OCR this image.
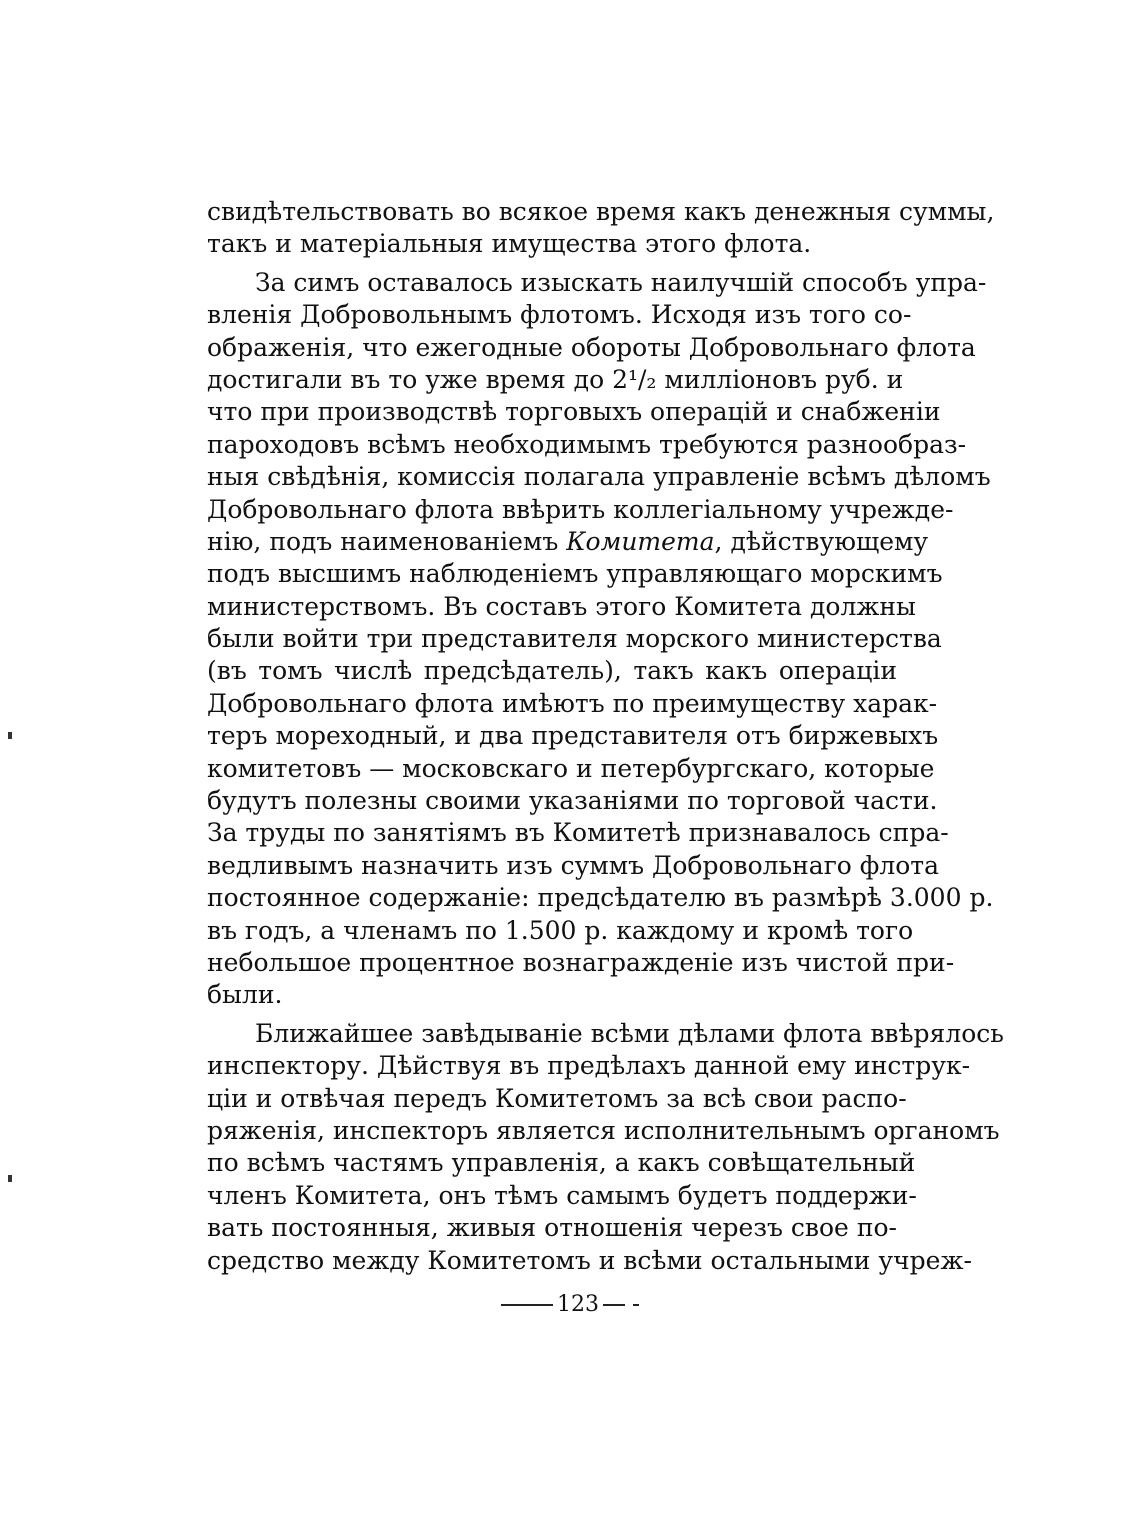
свидѣтельствовать во всякое время какъ денежныя суммы,
такъ и матеріальныя имущества этого флота.
За симъ оставалось изыскать наилучшій способъ упра-
вленія Добровольнымъ флотомъ. Исходя изъ того со-
ображенія, что ежегодные обороты Добровольнаго флота
достигали въ то уже время до 2¹/₂ милліоновъ руб. и
что при производствѣ торговыхъ операцій и снабженіи
пароходовъ всѣмъ необходимымъ требуются разнообраз-
ныя свѣдѣнія, комиссія полагала управленіе всѣмъ дѣломъ
Добровольнаго флота ввѣрить коллегіальному учрежде-
нію, подъ наименованіемъ Комитета, дѣйствующему
подъ высшимъ наблюденіемъ управляющаго морскимъ
министерствомъ. Въ составъ этого Комитета должны
были войти три представителя морского министерства
(въ томъ числѣ предсѣдатель), такъ какъ операціи
Добровольнаго флота имѣютъ по преимуществу харак-
теръ мореходный, и два представителя отъ биржевыхъ
комитетовъ — московскаго и петербургскаго, которые
будутъ полезны своими указаніями по торговой части.
За труды по занятіямъ въ Комитетѣ признавалось спра-
ведливымъ назначить изъ суммъ Добровольнаго флота
постоянное содержаніе: предсѣдателю въ размѣрѣ 3.000 р.
въ годъ, а членамъ по 1.500 р. каждому и кромѣ того
небольшое процентное вознагражденіе изъ чистой при-
были.
Ближайшее завѣдываніе всѣми дѣлами флота ввѣрялось
инспектору. Дѣйствуя въ предѣлахъ данной ему инструк-
ціи и отвѣчая передъ Комитетомъ за всѣ свои распо-
ряженія, инспекторъ является исполнительнымъ органомъ
по всѣмъ частямъ управленія, а какъ совѣщательный
членъ Комитета, онъ тѣмъ самымъ будетъ поддержи-
вать постоянныя, живыя отношенія черезъ свое по-
средство между Комитетомъ и всѣми остальными учреж-
123
